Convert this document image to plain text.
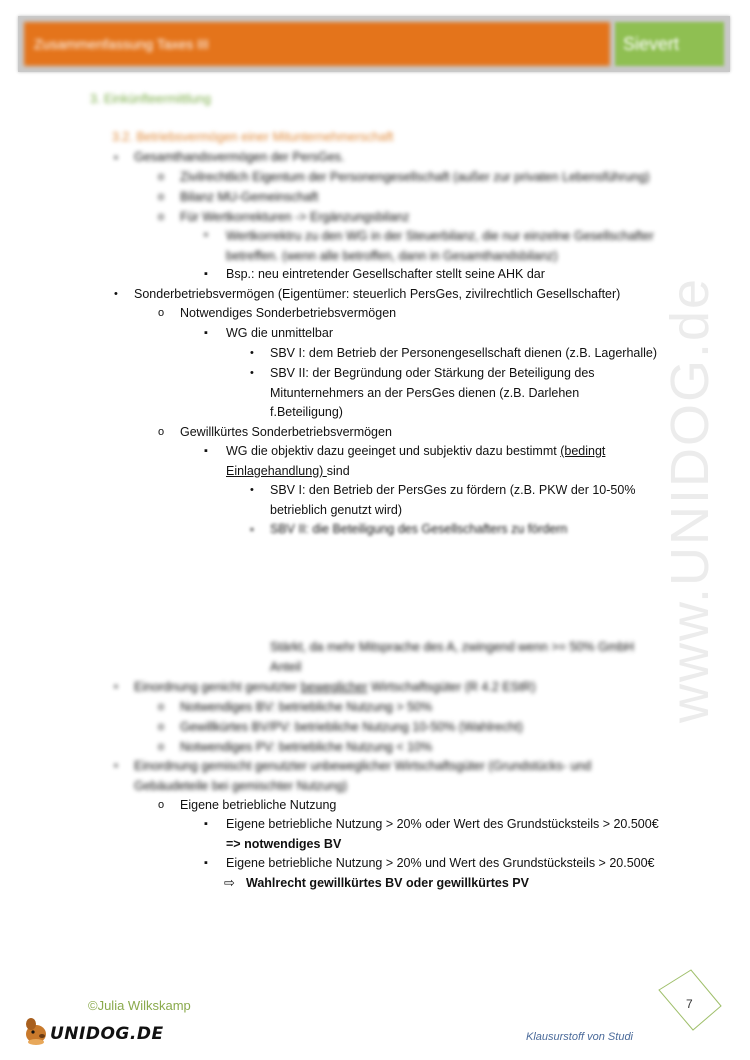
www.UNIDOG.de
Zusammenfassung Taxes III	Sievert
3. Einkünfteermittlung
3.2. Betriebsvermögen einer Mitunternehmerschaft
• Gesamthandsvermögen der PersGes.
o Zivilrechtlich Eigentum der Personengesellschaft (außer zur privaten Lebensführung)
o Bilanz MU-Gemeinschaft
o Für Wertkorrekturen -> Ergänzungsbilanz
▪ Wertkorrektru zu den WG in der Steuerbilanz, die nur einzelne Gesellschafter
betreffen. (wenn alle betroffen, dann in Gesamthandsbilanz)
▪ Bsp.: neu eintretender Gesellschafter stellt seine AHK dar
• Sonderbetriebsvermögen (Eigentümer: steuerlich PersGes, zivilrechtlich Gesellschafter)
o Notwendiges Sonderbetriebsvermögen
▪ WG die unmittelbar
• SBV I: dem Betrieb der Personengesellschaft dienen (z.B. Lagerhalle)
• SBV II: der Begründung oder Stärkung der Beteiligung des
Mitunternehmers an der PersGes dienen (z.B. Darlehen
f.Beteiligung)
o Gewillkürtes Sonderbetriebsvermögen
▪ WG die objektiv dazu geeinget und subjektiv dazu bestimmt (bedingt
Einlagehandlung) sind
• SBV I: den Betrieb der PersGes zu fördern (z.B. PKW der 10-50%
betrieblich genutzt wird)
• SBV II: die Beteiligung des Gesellschafters zu fördern
Stärkt, da mehr Mitsprache des A, zwingend wenn >= 50% GmbH
Anteil
• Einordnung genicht genutzter beweglicher Wirtschaftsgüter (R 4.2 EStR)
o Notwendiges BV: betriebliche Nutzung > 50%
o Gewillkürtes BV/PV: betriebliche Nutzung 10-50% (Wahlrecht)
o Notwendiges PV: betriebliche Nutzung < 10%
• Einordnung gemischt genutzter unbeweglicher Wirtschaftsgüter (Grundstücks- und
Gebäudeteile bei gemischter Nutzung)
o Eigene betriebliche Nutzung
▪ Eigene betriebliche Nutzung > 20% oder Wert des Grundstücksteils > 20.500€
=> notwendiges BV
▪ Eigene betriebliche Nutzung > 20% und Wert des Grundstücksteils > 20.500€
⇨ Wahlrecht gewillkürtes BV oder gewillkürtes PV
©Julia Wilkskamp
UNIDOG.DE
7
Klausurstoff von Studi
